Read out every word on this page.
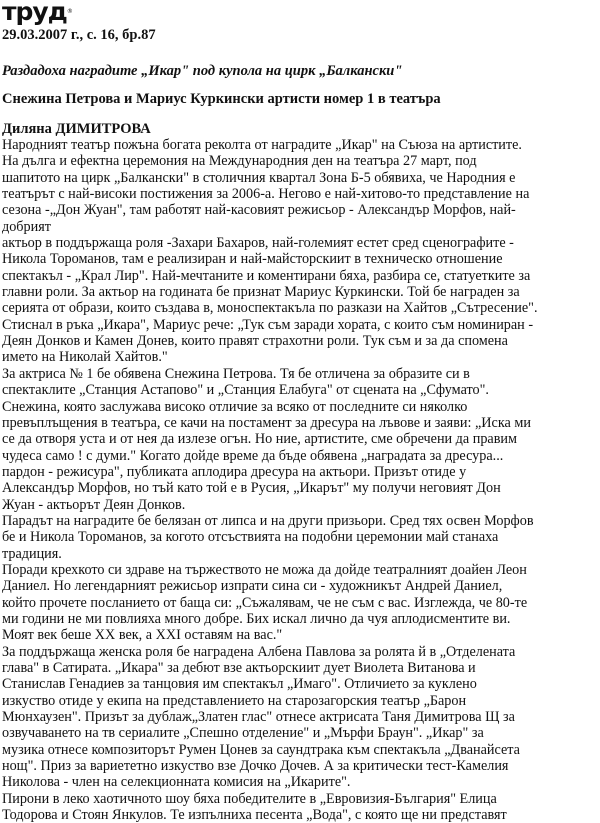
труд®
29.03.2007 г., с. 16, бр.87
Раздадоха наградите „Икар" под купола на цирк „Балкански"
Снежина Петрова и Мариус Куркински артисти номер 1 в театъра
Диляна ДИМИТРОВА
Народният театър пожъна богата реколта от наградите „Икар" на Съюза на артистите.
На дълга и ефектна церемония на Международния ден на театъра 27 март, под
шапитото на цирк „Балкански" в столичния квартал Зона Б-5 обявиха, че Народния е
театърът с най-високи постижения за 2006-а. Негово е най-хитово-то представление на
сезона -„Дон Жуан", там работят най-касовият режисьор - Александър Морфов, най-
добрият
актьор в поддържаща роля -Захари Бахаров, най-големият естет сред сценографите -
Никола Тороманов, там е реализиран и най-майсторскиит в техническо отношение
спектакъл - „Крал Лир". Най-мечтаните и коментирани бяха, разбира се, статуетките за
главни роли. За актьор на годината бе признат Мариус Куркински. Той бе награден за
серията от образи, които създава в, моноспектакъла по разкази на Хайтов „Сътресение".
Стиснал в ръка „Икара", Мариус рече: „Тук съм заради хората, с които съм номиниран -
Деян Донков и Камен Донев, които правят страхотни роли. Тук съм и за да спомена
името на Николай Хайтов."
За актриса № 1 бе обявена Снежина Петрова. Тя бе отличена за образите си в
спектаклите „Станция Астапово" и „Станция Елабуга" от сцената на „Сфумато".
Снежина, която заслужава високо отличие за всяко от последните си няколко
превъплъщения в театъра, се качи на постамент за дресура на лъвове и заяви: „Иска ми
се да отворя уста и от нея да излезе огън. Но ние, артистите, сме обречени да правим
чудеса само ! с думи." Когато дойде време да бъде обявена „наградата за дресура...
пардон - режисура", публиката аплодира дресура на актьори. Призът отиде у
Александър Морфов, но тъй като той е в Русия, „Икарът" му получи неговият Дон
Жуан - актьорът Деян Донков.
Парадът на наградите бе белязан от липса и на други призьори. Сред тях освен Морфов
бе и Никола Тороманов, за когото отсъствията на подобни церемонии май станаха
традиция.
Поради крехкото си здраве на тържеството не можа да дойде театралният доайен Леон
Даниел. Но легендарният режисьор изпрати сина си - художникът Андрей Даниел,
който прочете посланието от баща си: „Съжалявам, че не съм с вас. Изглежда, че 80-те
ми години не ми повлияха много добре. Бих искал лично да чуя аплодисментите ви.
Моят век беше XX век, а XXI оставям на вас."
За поддържаща женска роля бе наградена Албена Павлова за ролята й в „Отделената
глава" в Сатирата. „Икара" за дебют взе актьорскиит дует Виолета Витанова и
Станислав Генадиев за танцовия им спектакъл „Имаго". Отличието за куклено
изкуство отиде у екипа на представлението на старозагорския театър „Барон
Мюнхаузен". Призът за дублаж„Златен глас" отнесе актрисата Таня Димитрова Щ за
озвучаването на тв сериалите „Спешно отделение" и „Мърфи Браун". „Икар" за
музика отнесе композиторът Румен Цонев за саундтрака към спектакъла „Дванайсета
нощ". Приз за вариететно изкуство взе Дочко Дочев. А за критически тест-Камелия
Николова - член на селекционната комисия на „Икарите".
Пирони в леко хаотичното шоу бяха победителите в „Евровизия-България" Елица
Тодорова и Стоян Янкулов. Те изпълниха песента „Вода", с която ще ни представят
